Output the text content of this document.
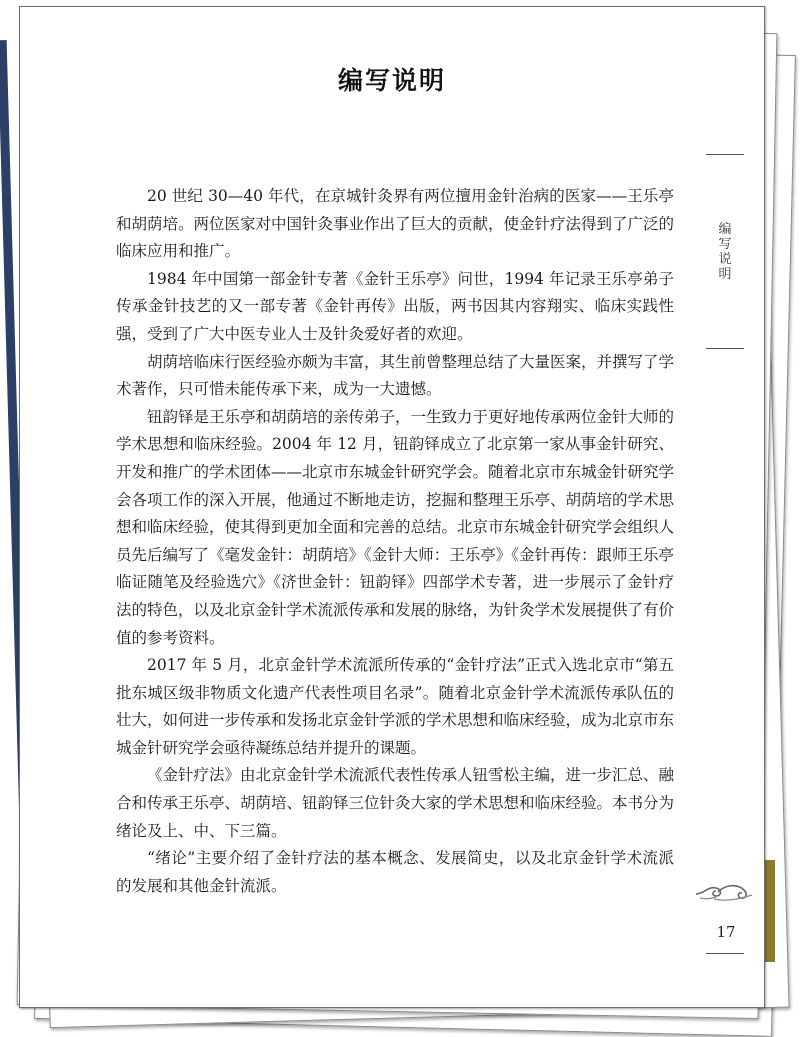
编写说明

20 世纪 30—40 年代，在京城针灸界有两位擅用金针治病的医家——王乐亭和胡荫培。两位医家对中国针灸事业作出了巨大的贡献，使金针疗法得到了广泛的临床应用和推广。

1984 年中国第一部金针专著《金针王乐亭》问世，1994 年记录王乐亭弟子传承金针技艺的又一部专著《金针再传》出版，两书因其内容翔实、临床实践性强，受到了广大中医专业人士及针灸爱好者的欢迎。

胡荫培临床行医经验亦颇为丰富，其生前曾整理总结了大量医案，并撰写了学术著作，只可惜未能传承下来，成为一大遗憾。

钮韵铎是王乐亭和胡荫培的亲传弟子，一生致力于更好地传承两位金针大师的学术思想和临床经验。2004 年 12 月，钮韵铎成立了北京第一家从事金针研究、开发和推广的学术团体——北京市东城金针研究学会。随着北京市东城金针研究学会各项工作的深入开展，他通过不断地走访，挖掘和整理王乐亭、胡荫培的学术思想和临床经验，使其得到更加全面和完善的总结。北京市东城金针研究学会组织人员先后编写了《毫发金针：胡荫培》《金针大师：王乐亭》《金针再传：跟师王乐亭临证随笔及经验选穴》《济世金针：钮韵铎》四部学术专著，进一步展示了金针疗法的特色，以及北京金针学术流派传承和发展的脉络，为针灸学术发展提供了有价值的参考资料。

2017 年 5 月，北京金针学术流派所传承的“金针疗法”正式入选北京市“第五批东城区级非物质文化遗产代表性项目名录”。随着北京金针学术流派传承队伍的壮大，如何进一步传承和发扬北京金针学派的学术思想和临床经验，成为北京市东城金针研究学会亟待凝练总结并提升的课题。

《金针疗法》由北京金针学术流派代表性传承人钮雪松主编，进一步汇总、融合和传承王乐亭、胡荫培、钮韵铎三位针灸大家的学术思想和临床经验。本书分为绪论及上、中、下三篇。

“绪论”主要介绍了金针疗法的基本概念、发展简史，以及北京金针学术流派的发展和其他金针流派。

编
写
说
明
17
